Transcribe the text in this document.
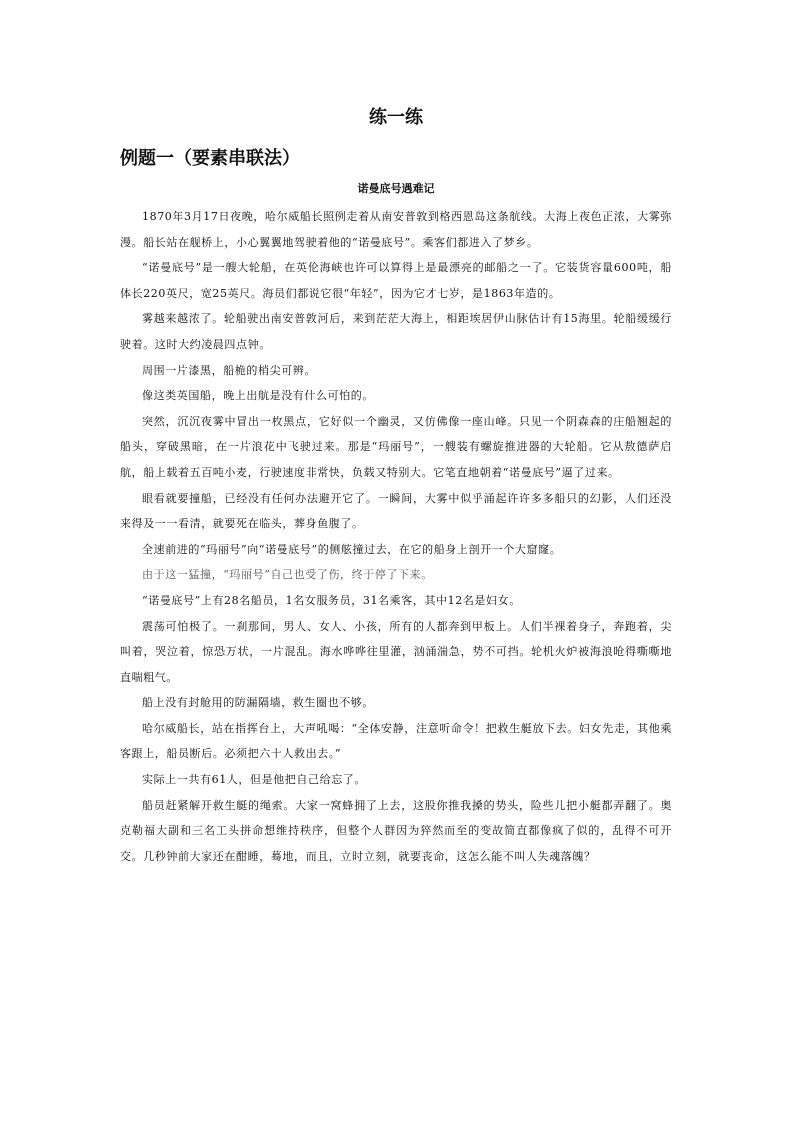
练一练
例题一（要素串联法）
诺曼底号遇难记

1870年3月17日夜晚，哈尔威船长照例走着从南安普敦到格西恩岛这条航线。大海上夜色正浓，大雾弥漫。船长站在舰桥上，小心翼翼地驾驶着他的“诺曼底号”。乘客们都进入了梦乡。

“诺曼底号”是一艘大轮船，在英伦海峡也许可以算得上是最漂亮的邮船之一了。它装货容量600吨，船体长220英尺，宽25英尺。海员们都说它很“年轻”，因为它才七岁，是1863年造的。

雾越来越浓了。轮船驶出南安普敦河后，来到茫茫大海上，相距埃居伊山脉估计有15海里。轮船缓缓行驶着。这时大约凌晨四点钟。

周围一片漆黑，船桅的梢尖可辨。

像这类英国船，晚上出航是没有什么可怕的。

突然，沉沉夜雾中冒出一枚黑点，它好似一个幽灵，又仿佛像一座山峰。只见一个阴森森的庄船翘起的船头，穿破黑暗，在一片浪花中飞驶过来。那是“玛丽号”，一艘装有螺旋推进器的大轮船。它从敖德萨启航，船上载着五百吨小麦，行驶速度非常快，负载又特别大。它笔直地朝着“诺曼底号”逼了过来。

眼看就要撞船，已经没有任何办法避开它了。一瞬间，大雾中似乎涌起许许多多船只的幻影，人们还没来得及一一看清，就要死在临头，葬身鱼腹了。

全速前进的“玛丽号”向“诺曼底号”的侧舷撞过去，在它的船身上剖开一个大窟窿。

由于这一猛撞，“玛丽号”自己也受了伤，终于停了下来。

“诺曼底号”上有28名船员，1名女服务员，31名乘客，其中12名是妇女。

震荡可怕极了。一刹那间，男人、女人、小孩，所有的人都奔到甲板上。人们半裸着身子，奔跑着，尖叫着，哭泣着，惊恐万状，一片混乱。海水哗哗往里灌，汹涌湍急，势不可挡。轮机火炉被海浪呛得嘶嘶地直喘粗气。

船上没有封舱用的防漏隔墙，救生圈也不够。

哈尔威船长，站在指挥台上，大声吼喝：“全体安静，注意听命令！把救生艇放下去。妇女先走，其他乘客跟上，船员断后。必须把六十人救出去。”

实际上一共有61人，但是他把自己给忘了。

船员赶紧解开救生艇的绳索。大家一窝蜂拥了上去，这股你推我搡的势头，险些儿把小艇都弄翻了。奥克勒福大副和三名工头拼命想维持秩序，但整个人群因为猝然而至的变故简直都像疯了似的，乱得不可开交。几秒钟前大家还在酣睡，蓦地，而且，立时立刻，就要丧命，这怎么能不叫人失魂落魄？
